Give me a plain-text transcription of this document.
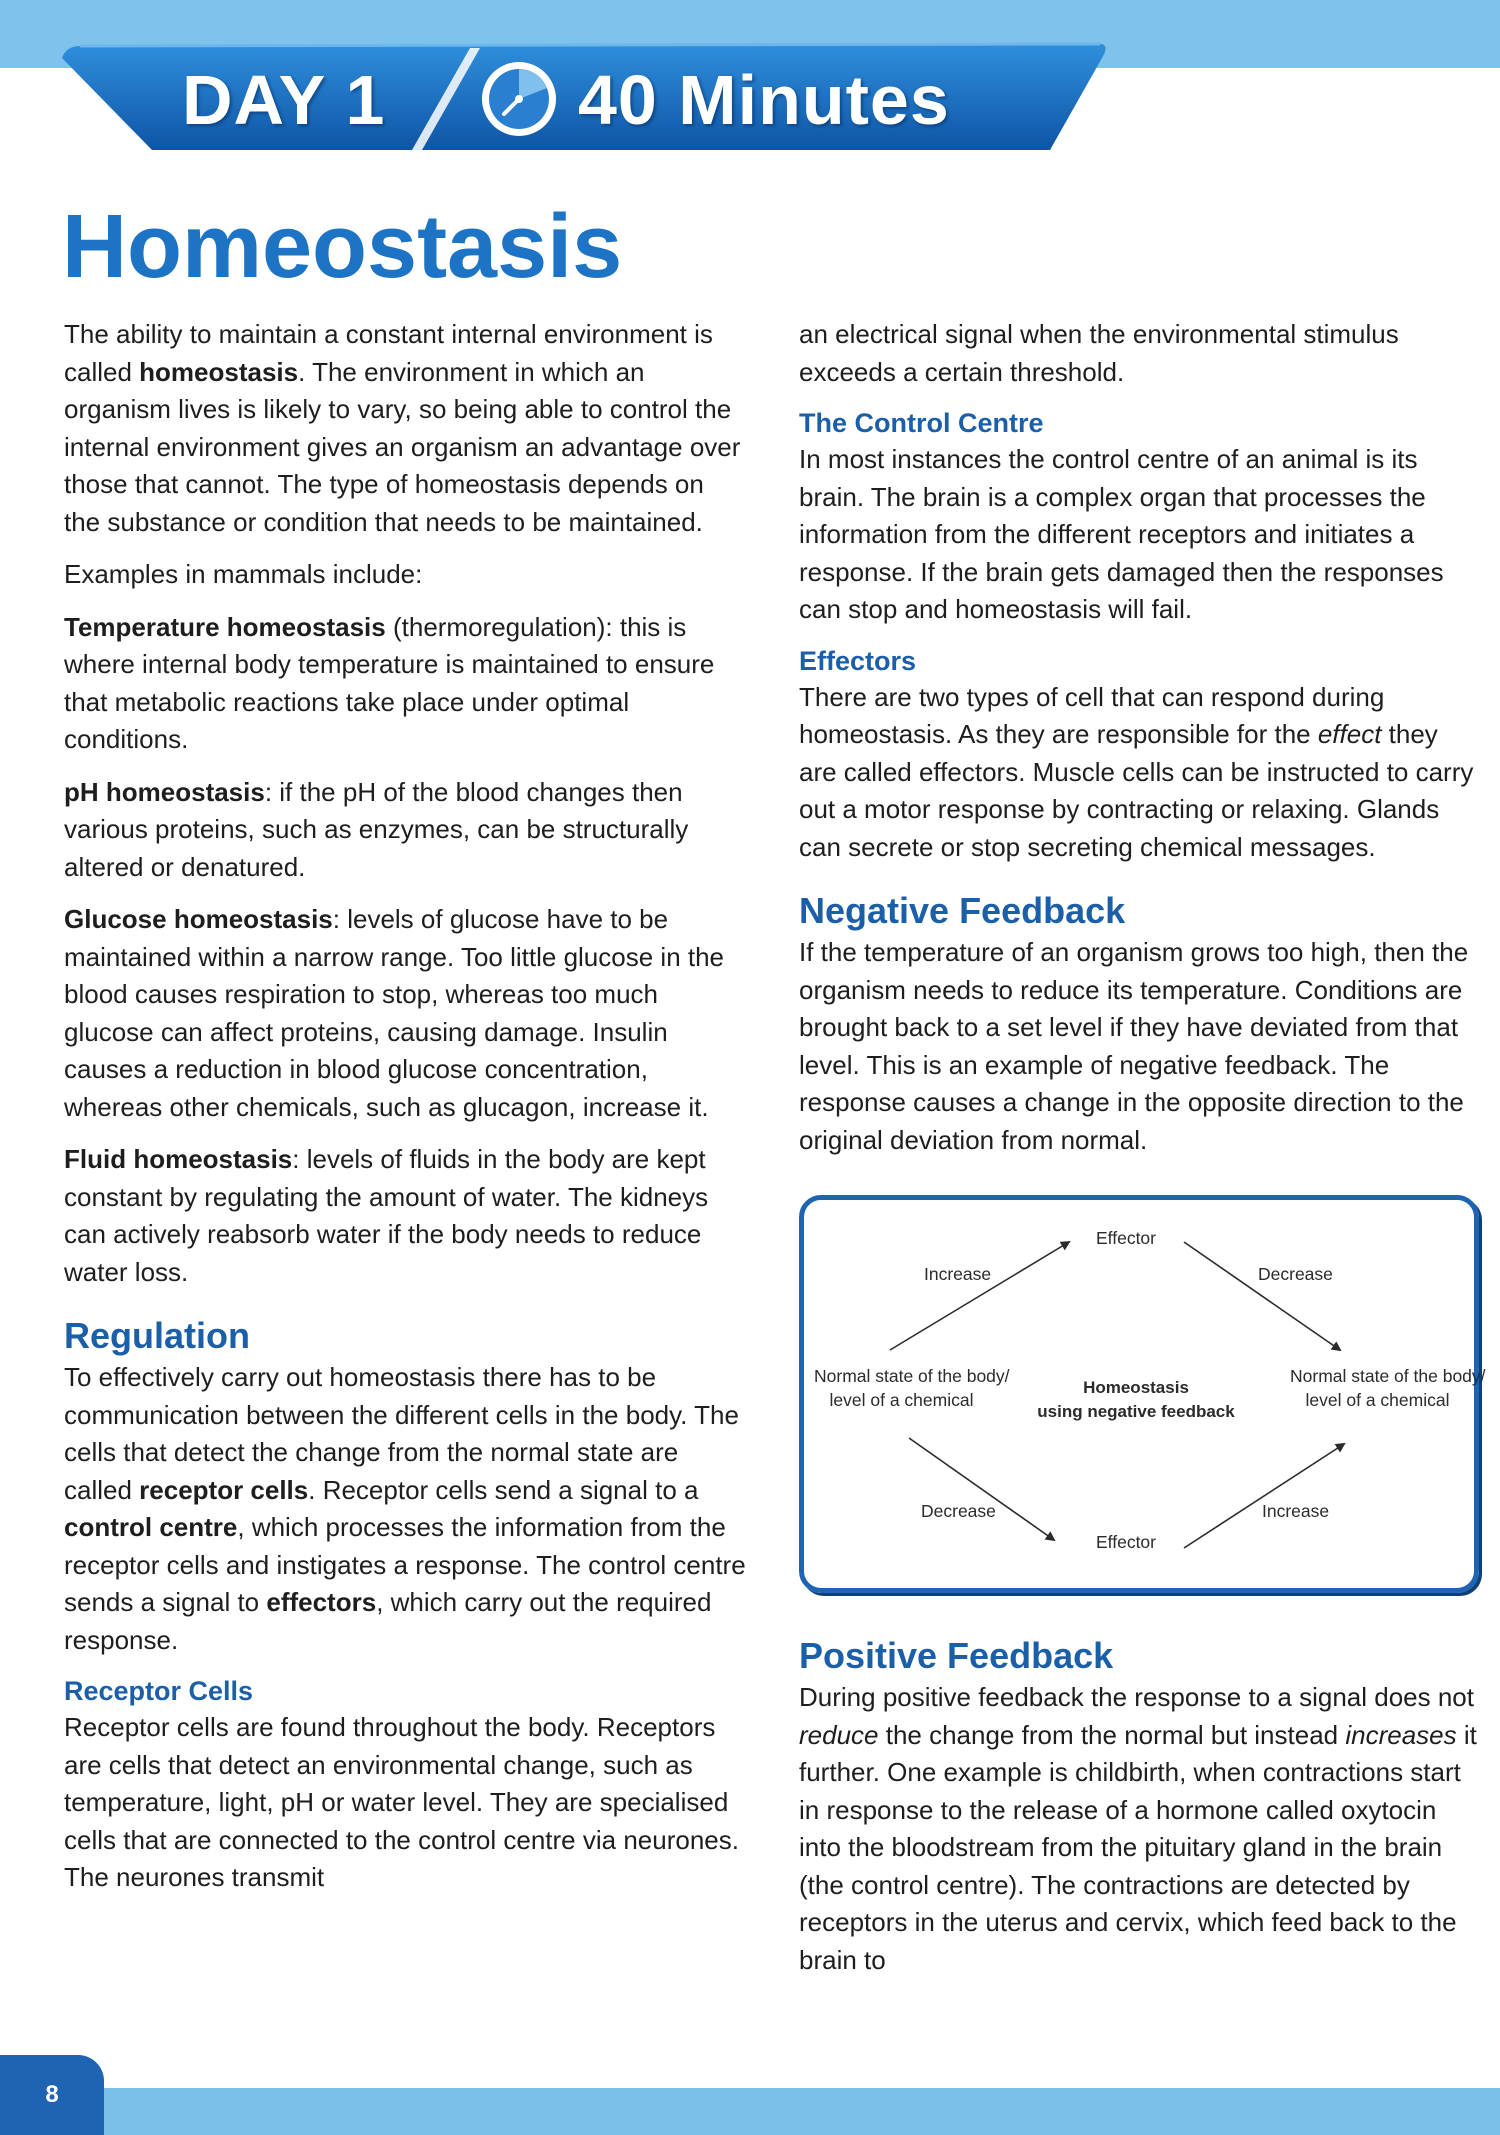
DAY 1	40 Minutes
Homeostasis

The ability to maintain a constant internal environment is called homeostasis. The environment in which an organism lives is likely to vary, so being able to control the internal environment gives an organism an advantage over those that cannot. The type of homeostasis depends on the substance or condition that needs to be maintained.

Examples in mammals include:

Temperature homeostasis (thermoregulation): this is where internal body temperature is maintained to ensure that metabolic reactions take place under optimal conditions.

pH homeostasis: if the pH of the blood changes then various proteins, such as enzymes, can be structurally altered or denatured.

Glucose homeostasis: levels of glucose have to be maintained within a narrow range. Too little glucose in the blood causes respiration to stop, whereas too much glucose can affect proteins, causing damage. Insulin causes a reduction in blood glucose concentration, whereas other chemicals, such as glucagon, increase it.

Fluid homeostasis: levels of fluids in the body are kept constant by regulating the amount of water. The kidneys can actively reabsorb water if the body needs to reduce water loss.

Regulation

To effectively carry out homeostasis there has to be communication between the different cells in the body. The cells that detect the change from the normal state are called receptor cells. Receptor cells send a signal to a control centre, which processes the information from the receptor cells and instigates a response. The control centre sends a signal to effectors, which carry out the required response.

Receptor Cells

Receptor cells are found throughout the body. Receptors are cells that detect an environmental change, such as temperature, light, pH or water level. They are specialised cells that are connected to the control centre via neurones. The neurones transmit

an electrical signal when the environmental stimulus exceeds a certain threshold.

The Control Centre

In most instances the control centre of an animal is its brain. The brain is a complex organ that processes the information from the different receptors and initiates a response. If the brain gets damaged then the responses can stop and homeostasis will fail.

Effectors

There are two types of cell that can respond during homeostasis. As they are responsible for the effect they are called effectors. Muscle cells can be instructed to carry out a motor response by contracting or relaxing. Glands can secrete or stop secreting chemical messages.

Negative Feedback

If the temperature of an organism grows too high, then the organism needs to reduce its temperature. Conditions are brought back to a set level if they have deviated from that level. This is an example of negative feedback. The response causes a change in the opposite direction to the original deviation from normal.

Effector
Increase	Decrease
Normal state of the body/
level of a chemical
Homeostasis
using negative feedback
Normal state of the body/
level of a chemical
Decrease	Increase
Effector
Positive Feedback

During positive feedback the response to a signal does not reduce the change from the normal but instead increases it further. One example is childbirth, when contractions start in response to the release of a hormone called oxytocin into the bloodstream from the pituitary gland in the brain (the control centre). The contractions are detected by receptors in the uterus and cervix, which feed back to the brain to

8
